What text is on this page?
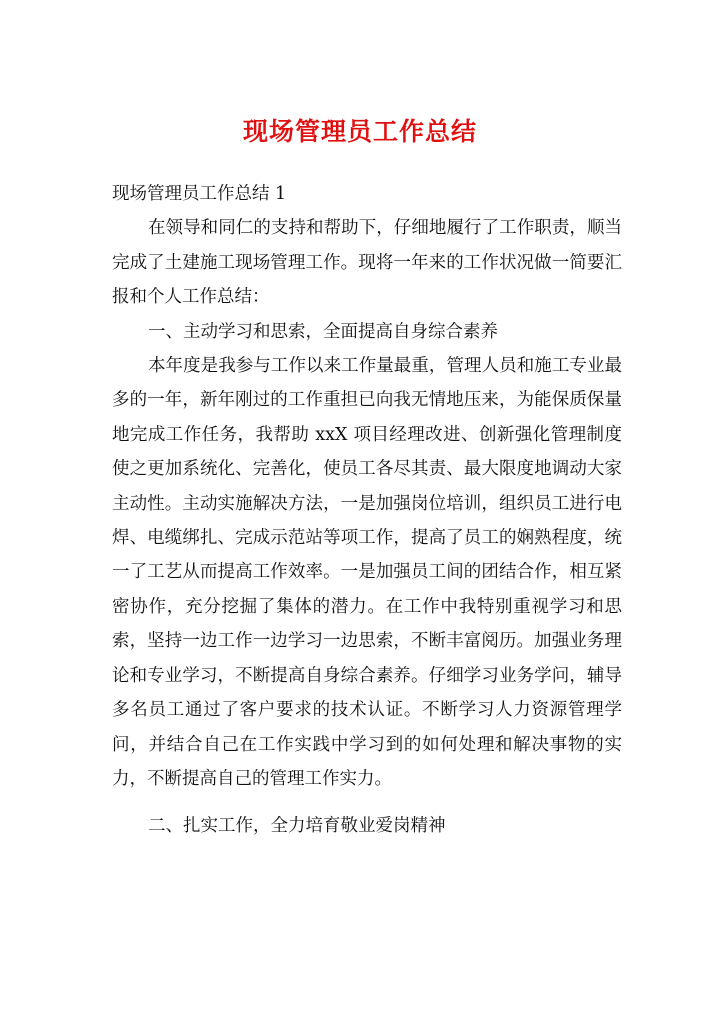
现场管理员工作总结

现场管理员工作总结 1

在领导和同仁的支持和帮助下，仔细地履行了工作职责，顺当完成了土建施工现场管理工作。现将一年来的工作状况做一简要汇报和个人工作总结：

一、主动学习和思索，全面提高自身综合素养

本年度是我参与工作以来工作量最重，管理人员和施工专业最多的一年，新年刚过的工作重担已向我无情地压来，为能保质保量地完成工作任务，我帮助 xxX 项目经理改进、创新强化管理制度使之更加系统化、完善化，使员工各尽其责、最大限度地调动大家主动性。主动实施解决方法，一是加强岗位培训，组织员工进行电焊、电缆绑扎、完成示范站等项工作，提高了员工的娴熟程度，统一了工艺从而提高工作效率。一是加强员工间的团结合作，相互紧密协作，充分挖掘了集体的潜力。在工作中我特别重视学习和思索，坚持一边工作一边学习一边思索，不断丰富阅历。加强业务理论和专业学习，不断提高自身综合素养。仔细学习业务学问，辅导多名员工通过了客户要求的技术认证。不断学习人力资源管理学问，并结合自己在工作实践中学习到的如何处理和解决事物的实力，不断提高自己的管理工作实力。

二、扎实工作，全力培育敬业爱岗精神
